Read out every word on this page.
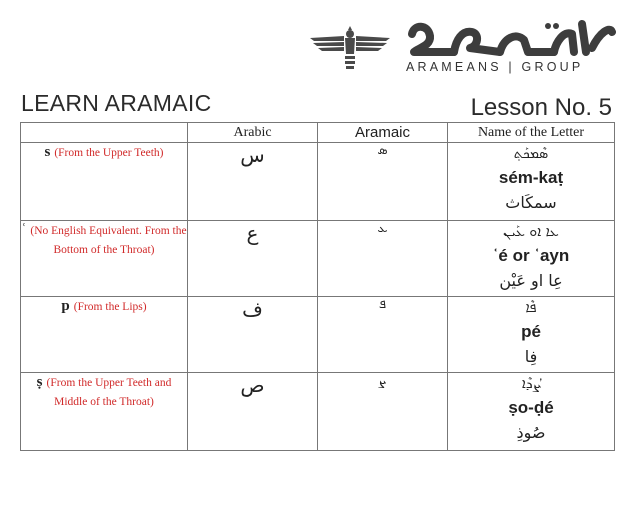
ARAMEANS | GROUP
LEARN ARAMAIC	Lesson No. 5
	Arabic	Aramaic	Name of the Letter
s (From the Upper Teeth)	س	ܣ	ܣܶܡܟܰܬ݂
sém-kaṭ
سمكَاث

ʿ (No English Equivalent. From the Bottom of the Throat)	ع	ܥ	ܥܐ ܐܘ ܥܰܝܢ
ʿé or ʿayn
عِا او عَيْن

p (From the Lips)	ف	ܦ	ܦܶܐ
pé
فِا

ṣ (From the Upper Teeth and Middle of the Throat)	ص	ܨ	ܨܳܕܶܐ
ṣo-ḍé
صُوذِ
